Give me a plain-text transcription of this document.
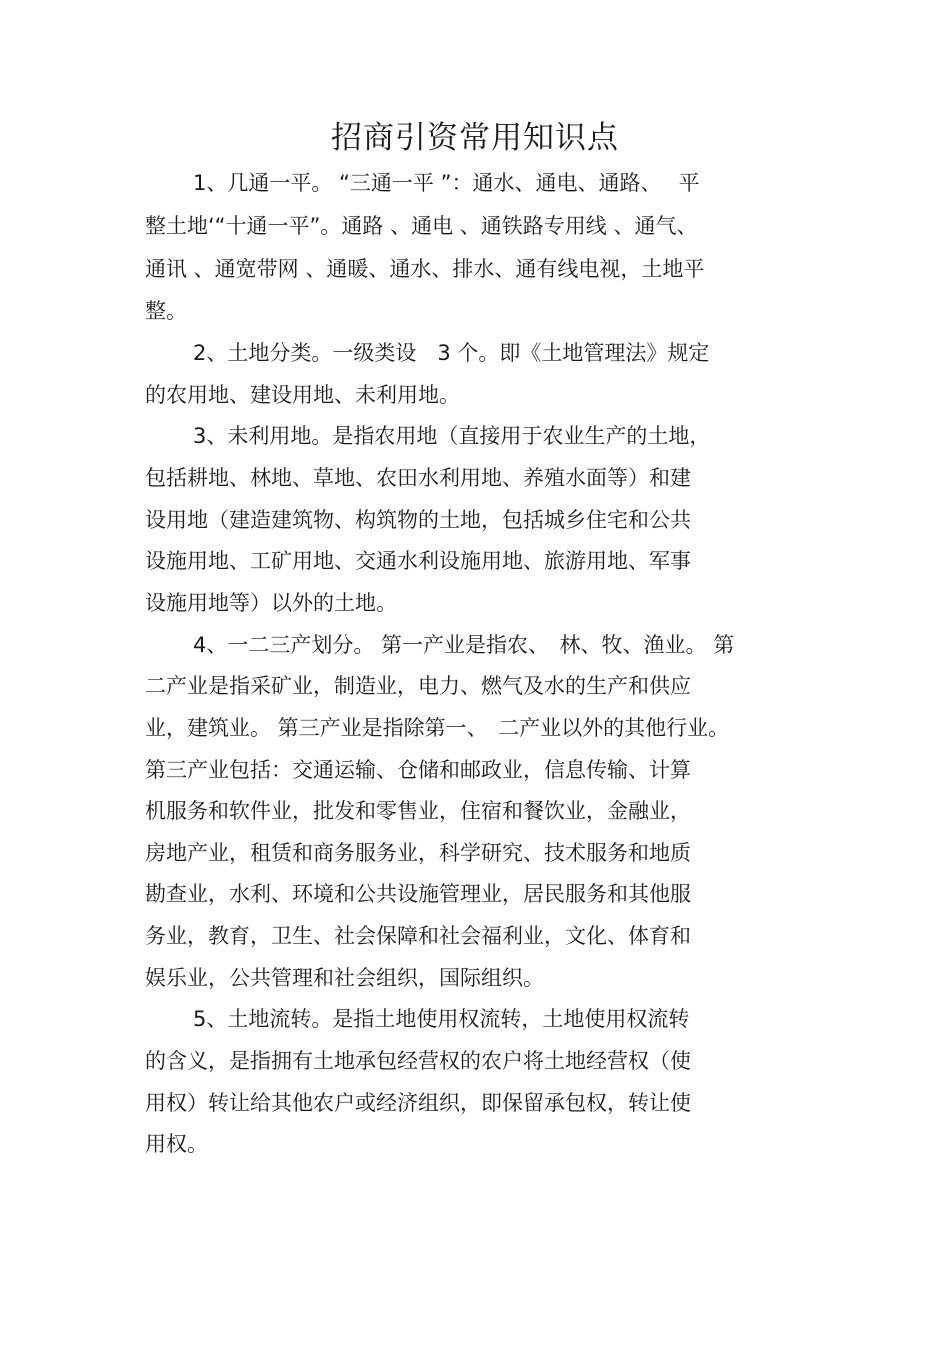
招商引资常用知识点
1、几通一平。 “三通一平 ”：通水、通电、通路、　 平
整土地‘“十通一平”。通路 、通电 、通铁路专用线 、通气、
通讯 、通宽带网 、通暖、通水、排水、通有线电视，土地平
整。
2、土地分类。一级类设　3 个。即《土地管理法》规定
的农用地、建设用地、未利用地。
3、未利用地。是指农用地（直接用于农业生产的土地，
包括耕地、林地、草地、农田水利用地、养殖水面等）和建
设用地（建造建筑物、构筑物的土地，包括城乡住宅和公共
设施用地、工矿用地、交通水利设施用地、旅游用地、军事
设施用地等）以外的土地。
4、一二三产划分。 第一产业是指农、　林、牧、渔业。 第
二产业是指采矿业，制造业，电力、燃气及水的生产和供应
业，建筑业。 第三产业是指除第一、　二产业以外的其他行业。
第三产业包括：交通运输、仓储和邮政业，信息传输、计算
机服务和软件业，批发和零售业，住宿和餐饮业，金融业，
房地产业，租赁和商务服务业，科学研究、技术服务和地质
勘查业，水利、环境和公共设施管理业，居民服务和其他服
务业，教育，卫生、社会保障和社会福利业，文化、体育和
娱乐业，公共管理和社会组织，国际组织。
5、土地流转。是指土地使用权流转，土地使用权流转
的含义，是指拥有土地承包经营权的农户将土地经营权（使
用权）转让给其他农户或经济组织，即保留承包权，转让使
用权。
